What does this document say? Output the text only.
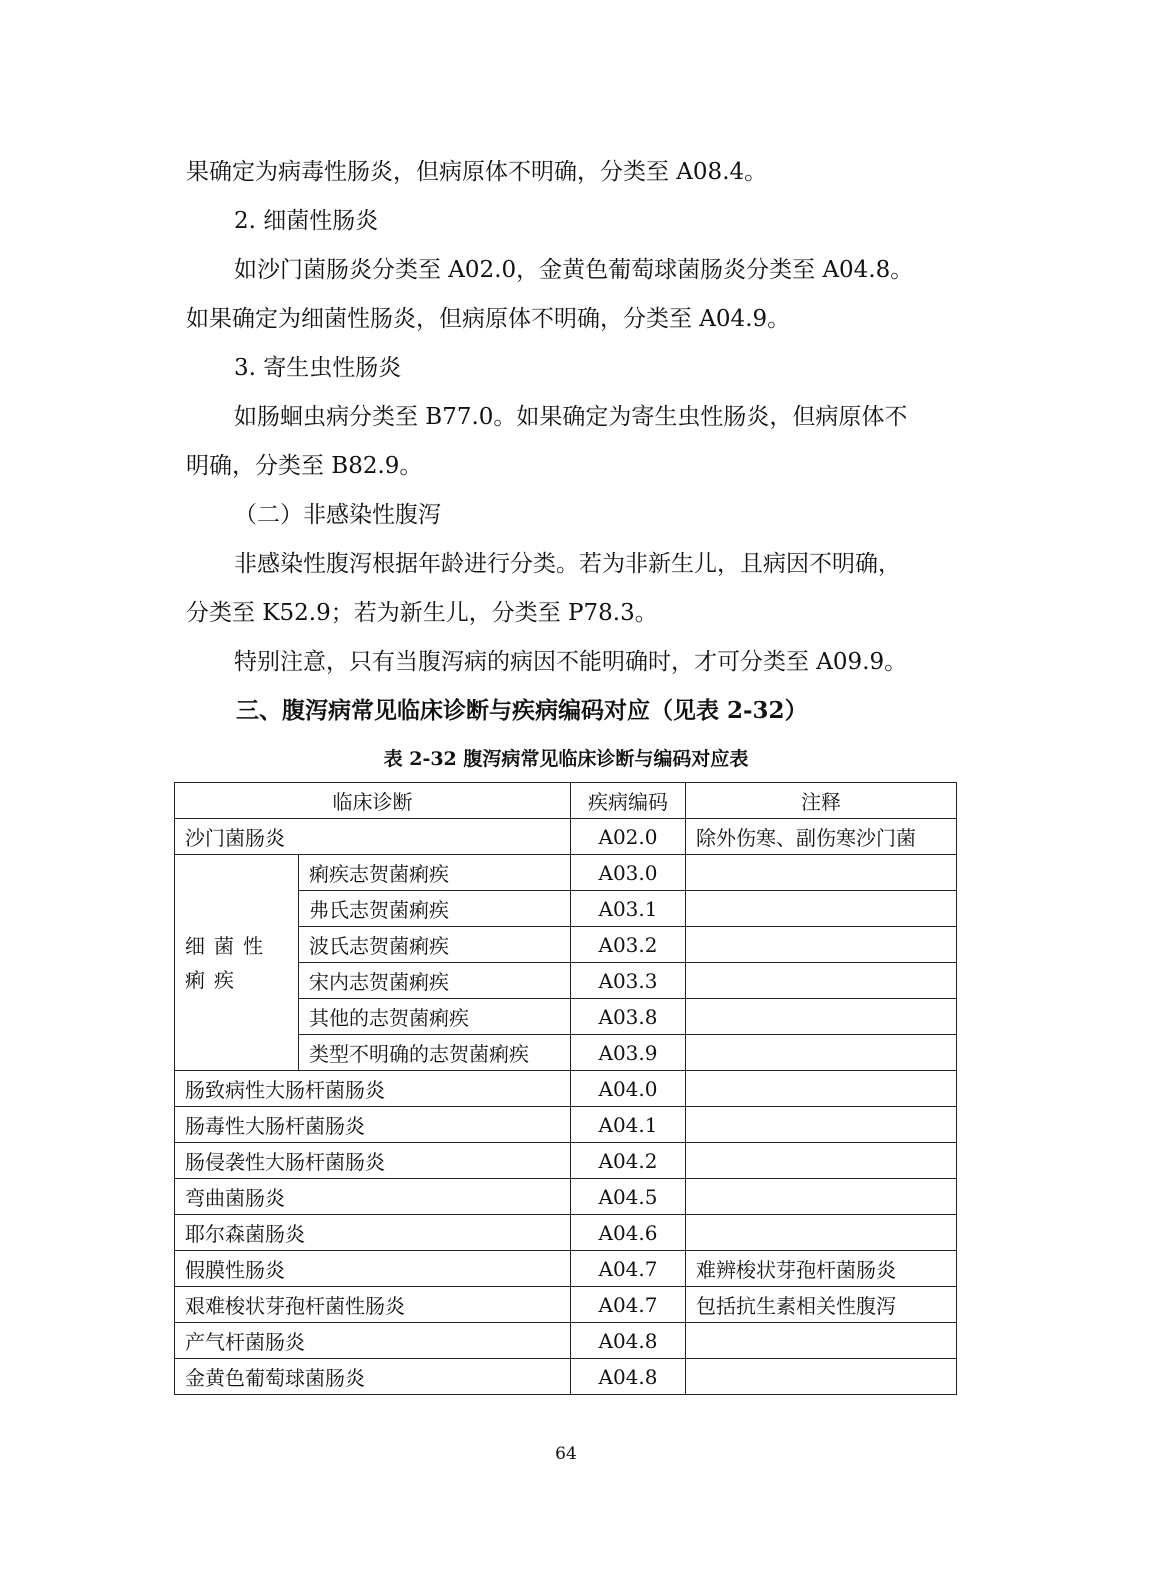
果确定为病毒性肠炎，但病原体不明确，分类至 A08.4。
2. 细菌性肠炎
如沙门菌肠炎分类至 A02.0，金黄色葡萄球菌肠炎分类至 A04.8。
如果确定为细菌性肠炎，但病原体不明确，分类至 A04.9。
3. 寄生虫性肠炎
如肠蛔虫病分类至 B77.0。如果确定为寄生虫性肠炎，但病原体不
明确，分类至 B82.9。
（二）非感染性腹泻
非感染性腹泻根据年龄进行分类。若为非新生儿，且病因不明确，
分类至 K52.9；若为新生儿，分类至 P78.3。
特别注意，只有当腹泻病的病因不能明确时，才可分类至 A09.9。
三、腹泻病常见临床诊断与疾病编码对应（见表 2-32）
表 2-32 腹泻病常见临床诊断与编码对应表
临床诊断		疾病编码	注释
沙门菌肠炎		A02.0	除外伤寒、副伤寒沙门菌
细菌性痢疾	痢疾志贺菌痢疾	A03.0	
	弗氏志贺菌痢疾	A03.1	
	波氏志贺菌痢疾	A03.2	
	宋内志贺菌痢疾	A03.3	
	其他的志贺菌痢疾	A03.8	
	类型不明确的志贺菌痢疾	A03.9	
肠致病性大肠杆菌肠炎		A04.0	
肠毒性大肠杆菌肠炎		A04.1	
肠侵袭性大肠杆菌肠炎		A04.2	
弯曲菌肠炎		A04.5	
耶尔森菌肠炎		A04.6	
假膜性肠炎		A04.7	难辨梭状芽孢杆菌肠炎
艰难梭状芽孢杆菌性肠炎		A04.7	包括抗生素相关性腹泻
产气杆菌肠炎		A04.8	
金黄色葡萄球菌肠炎		A04.8	
64
